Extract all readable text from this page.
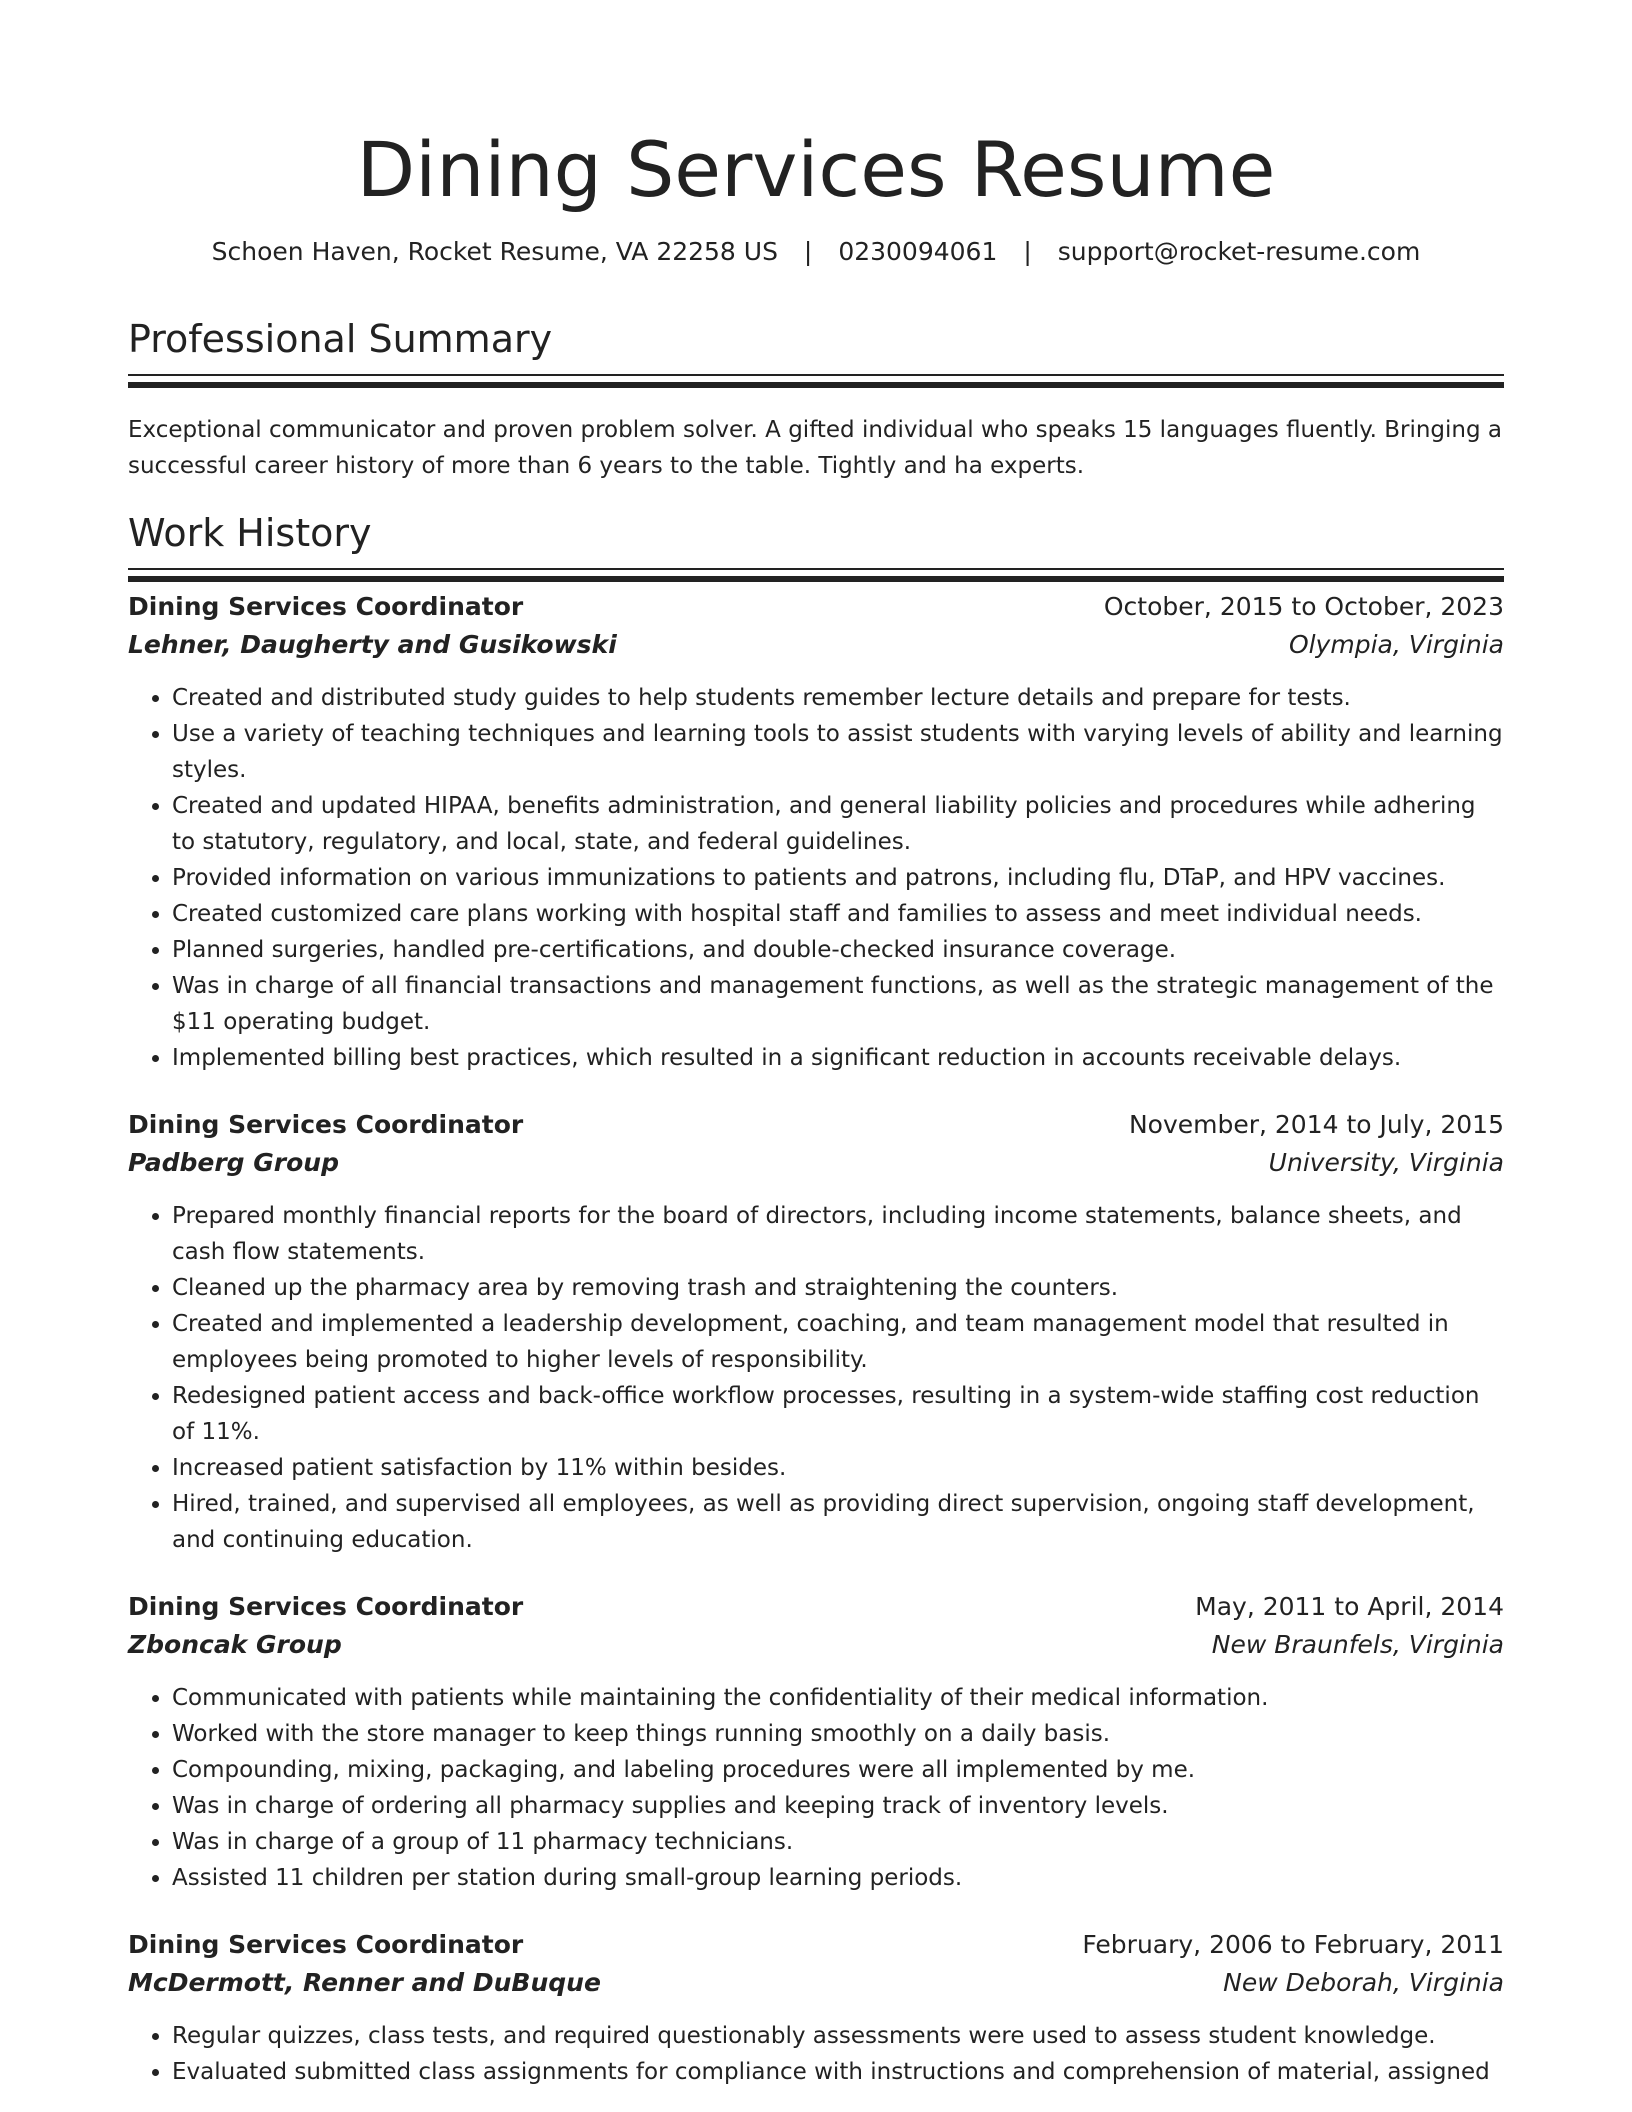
Dining Services Resume
Schoen Haven, Rocket Resume, VA 22258 US | 0230094061 | support@rocket-resume.com
Professional Summary

Exceptional communicator and proven problem solver. A gifted individual who speaks 15 languages fluently. Bringing a successful career history of more than 6 years to the table. Tightly and ha experts.

Work History
Dining Services Coordinator	October, 2015 to October, 2023
Lehner, Daugherty and Gusikowski	Olympia, Virginia
• Created and distributed study guides to help students remember lecture details and prepare for tests.
• Use a variety of teaching techniques and learning tools to assist students with varying levels of ability and learning styles.
• Created and updated HIPAA, benefits administration, and general liability policies and procedures while adhering to statutory, regulatory, and local, state, and federal guidelines.
• Provided information on various immunizations to patients and patrons, including flu, DTaP, and HPV vaccines.
• Created customized care plans working with hospital staff and families to assess and meet individual needs.
• Planned surgeries, handled pre-certifications, and double-checked insurance coverage.
• Was in charge of all financial transactions and management functions, as well as the strategic management of the $11 operating budget.
• Implemented billing best practices, which resulted in a significant reduction in accounts receivable delays.
Dining Services Coordinator	November, 2014 to July, 2015
Padberg Group	University, Virginia
• Prepared monthly financial reports for the board of directors, including income statements, balance sheets, and cash flow statements.
• Cleaned up the pharmacy area by removing trash and straightening the counters.
• Created and implemented a leadership development, coaching, and team management model that resulted in employees being promoted to higher levels of responsibility.
• Redesigned patient access and back-office workflow processes, resulting in a system-wide staffing cost reduction of 11%.
• Increased patient satisfaction by 11% within besides.
• Hired, trained, and supervised all employees, as well as providing direct supervision, ongoing staff development, and continuing education.
Dining Services Coordinator	May, 2011 to April, 2014
Zboncak Group	New Braunfels, Virginia
• Communicated with patients while maintaining the confidentiality of their medical information.
• Worked with the store manager to keep things running smoothly on a daily basis.
• Compounding, mixing, packaging, and labeling procedures were all implemented by me.
• Was in charge of ordering all pharmacy supplies and keeping track of inventory levels.
• Was in charge of a group of 11 pharmacy technicians.
• Assisted 11 children per station during small-group learning periods.
Dining Services Coordinator	February, 2006 to February, 2011
McDermott, Renner and DuBuque	New Deborah, Virginia
• Regular quizzes, class tests, and required questionably assessments were used to assess student knowledge.
• Evaluated submitted class assignments for compliance with instructions and comprehension of material, assigned
